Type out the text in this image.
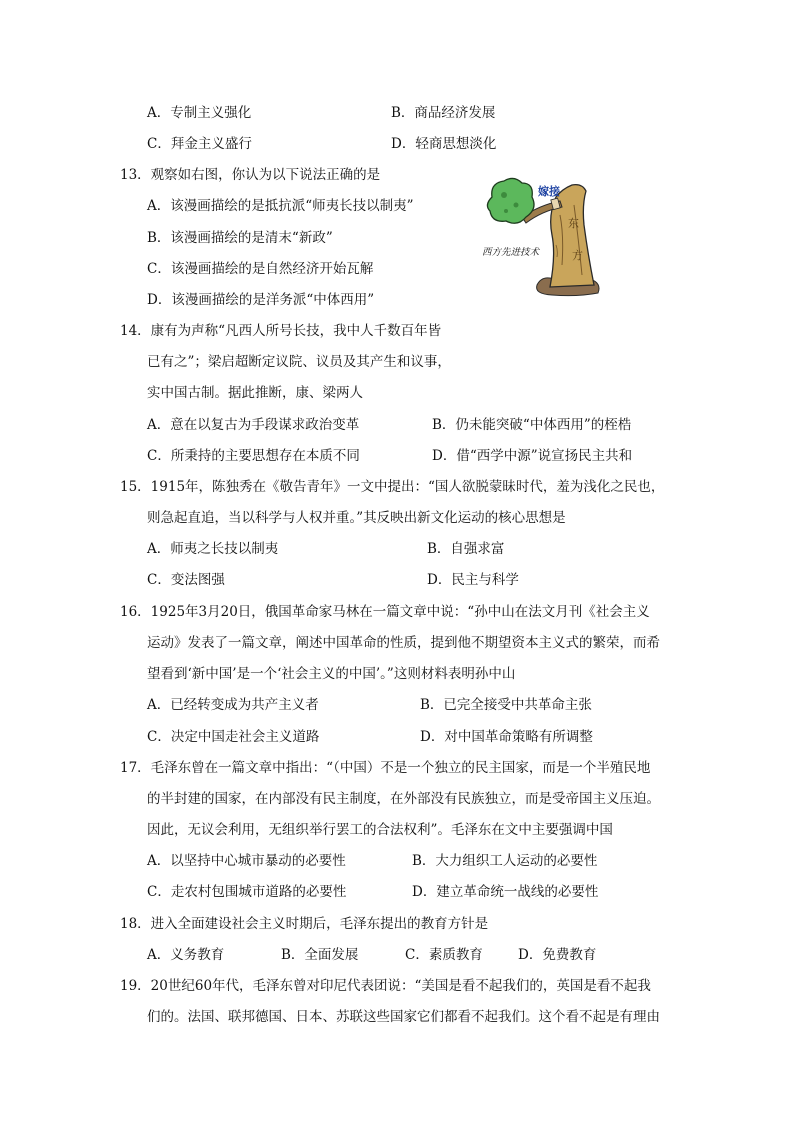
A．专制主义强化	B．商品经济发展
C．拜金主义盛行	D．轻商思想淡化
13．观察如右图，你认为以下说法正确的是
A．该漫画描绘的是抵抗派“师夷长技以制夷”
B．该漫画描绘的是清末“新政”
C．该漫画描绘的是自然经济开始瓦解
D．该漫画描绘的是洋务派“中体西用”
嫁接
西方先进技术
东
方
14．康有为声称“凡西人所号长技，我中人千数百年皆
已有之”；梁启超断定议院、议员及其产生和议事，
实中国古制。据此推断，康、梁两人
A．意在以复古为手段谋求政治变革	B．仍未能突破“中体西用”的桎梏
C．所秉持的主要思想存在本质不同	D．借“西学中源”说宣扬民主共和
15．1915年，陈独秀在《敬告青年》一文中提出：“国人欲脱蒙昧时代，羞为浅化之民也，
则急起直追，当以科学与人权并重。”其反映出新文化运动的核心思想是
A．师夷之长技以制夷	B．自强求富
C．变法图强	D．民主与科学
16．1925年3月20日，俄国革命家马林在一篇文章中说：“孙中山在法文月刊《社会主义
运动》发表了一篇文章，阐述中国革命的性质，提到他不期望资本主义式的繁荣，而希
望看到‘新中国’是一个‘社会主义的中国’。”这则材料表明孙中山
A．已经转变成为共产主义者	B．已完全接受中共革命主张
C．决定中国走社会主义道路	D．对中国革命策略有所调整
17．毛泽东曾在一篇文章中指出：“（中国）不是一个独立的民主国家，而是一个半殖民地
的半封建的国家，在内部没有民主制度，在外部没有民族独立，而是受帝国主义压迫。
因此，无议会利用，无组织举行罢工的合法权利”。毛泽东在文中主要强调中国
A．以坚持中心城市暴动的必要性	B．大力组织工人运动的必要性
C．走农村包围城市道路的必要性	D．建立革命统一战线的必要性
18．进入全面建设社会主义时期后，毛泽东提出的教育方针是
A．义务教育	B．全面发展	C．素质教育	D．免费教育
19．20世纪60年代，毛泽东曾对印尼代表团说：“美国是看不起我们的，英国是看不起我
们的。法国、联邦德国、日本、苏联这些国家它们都看不起我们。这个看不起是有理由
